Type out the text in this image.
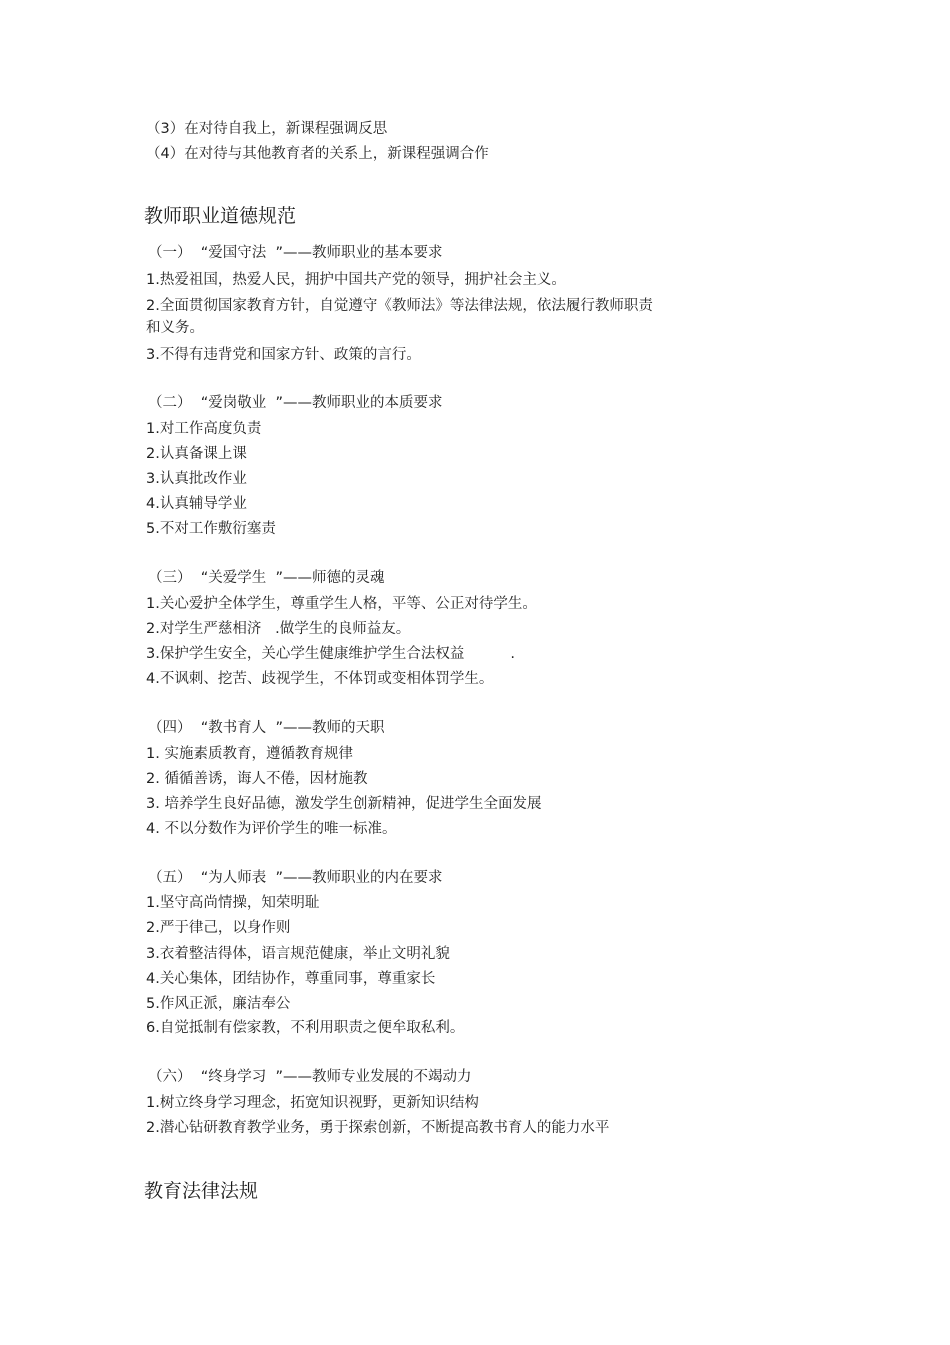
（3）在对待自我上，新课程强调反思
（4）在对待与其他教育者的关系上，新课程强调合作
教师职业道德规范
（一）  “爱国守法  ”——教师职业的基本要求
1.热爱祖国，热爱人民，拥护中国共产党的领导，拥护社会主义。
2.全面贯彻国家教育方针，自觉遵守《教师法》等法律法规，依法履行教师职责
和义务。
3.不得有违背党和国家方针、政策的言行。
（二）  “爱岗敬业  ”——教师职业的本质要求
1.对工作高度负责
2.认真备课上课
3.认真批改作业
4.认真辅导学业
5.不对工作敷衍塞责
（三）  “关爱学生  ”——师德的灵魂
1.关心爱护全体学生，尊重学生人格，平等、公正对待学生。
2.对学生严慈相济   .做学生的良师益友。
3.保护学生安全，关心学生健康维护学生合法权益          .
4.不讽刺、挖苦、歧视学生，不体罚或变相体罚学生。
（四）  “教书育人  ”——教师的天职
1. 实施素质教育，遵循教育规律
2. 循循善诱，诲人不倦，因材施教
3. 培养学生良好品德，激发学生创新精神，促进学生全面发展
4. 不以分数作为评价学生的唯一标准。
（五）  “为人师表  ”——教师职业的内在要求
1.坚守高尚情操，知荣明耻
2.严于律己，以身作则
3.衣着整洁得体，语言规范健康，举止文明礼貌
4.关心集体，团结协作，尊重同事，尊重家长
5.作风正派，廉洁奉公
6.自觉抵制有偿家教，不利用职责之便牟取私利。
（六）  “终身学习  ”——教师专业发展的不竭动力
1.树立终身学习理念，拓宽知识视野，更新知识结构
2.潜心钻研教育教学业务，勇于探索创新，不断提高教书育人的能力水平
教育法律法规
